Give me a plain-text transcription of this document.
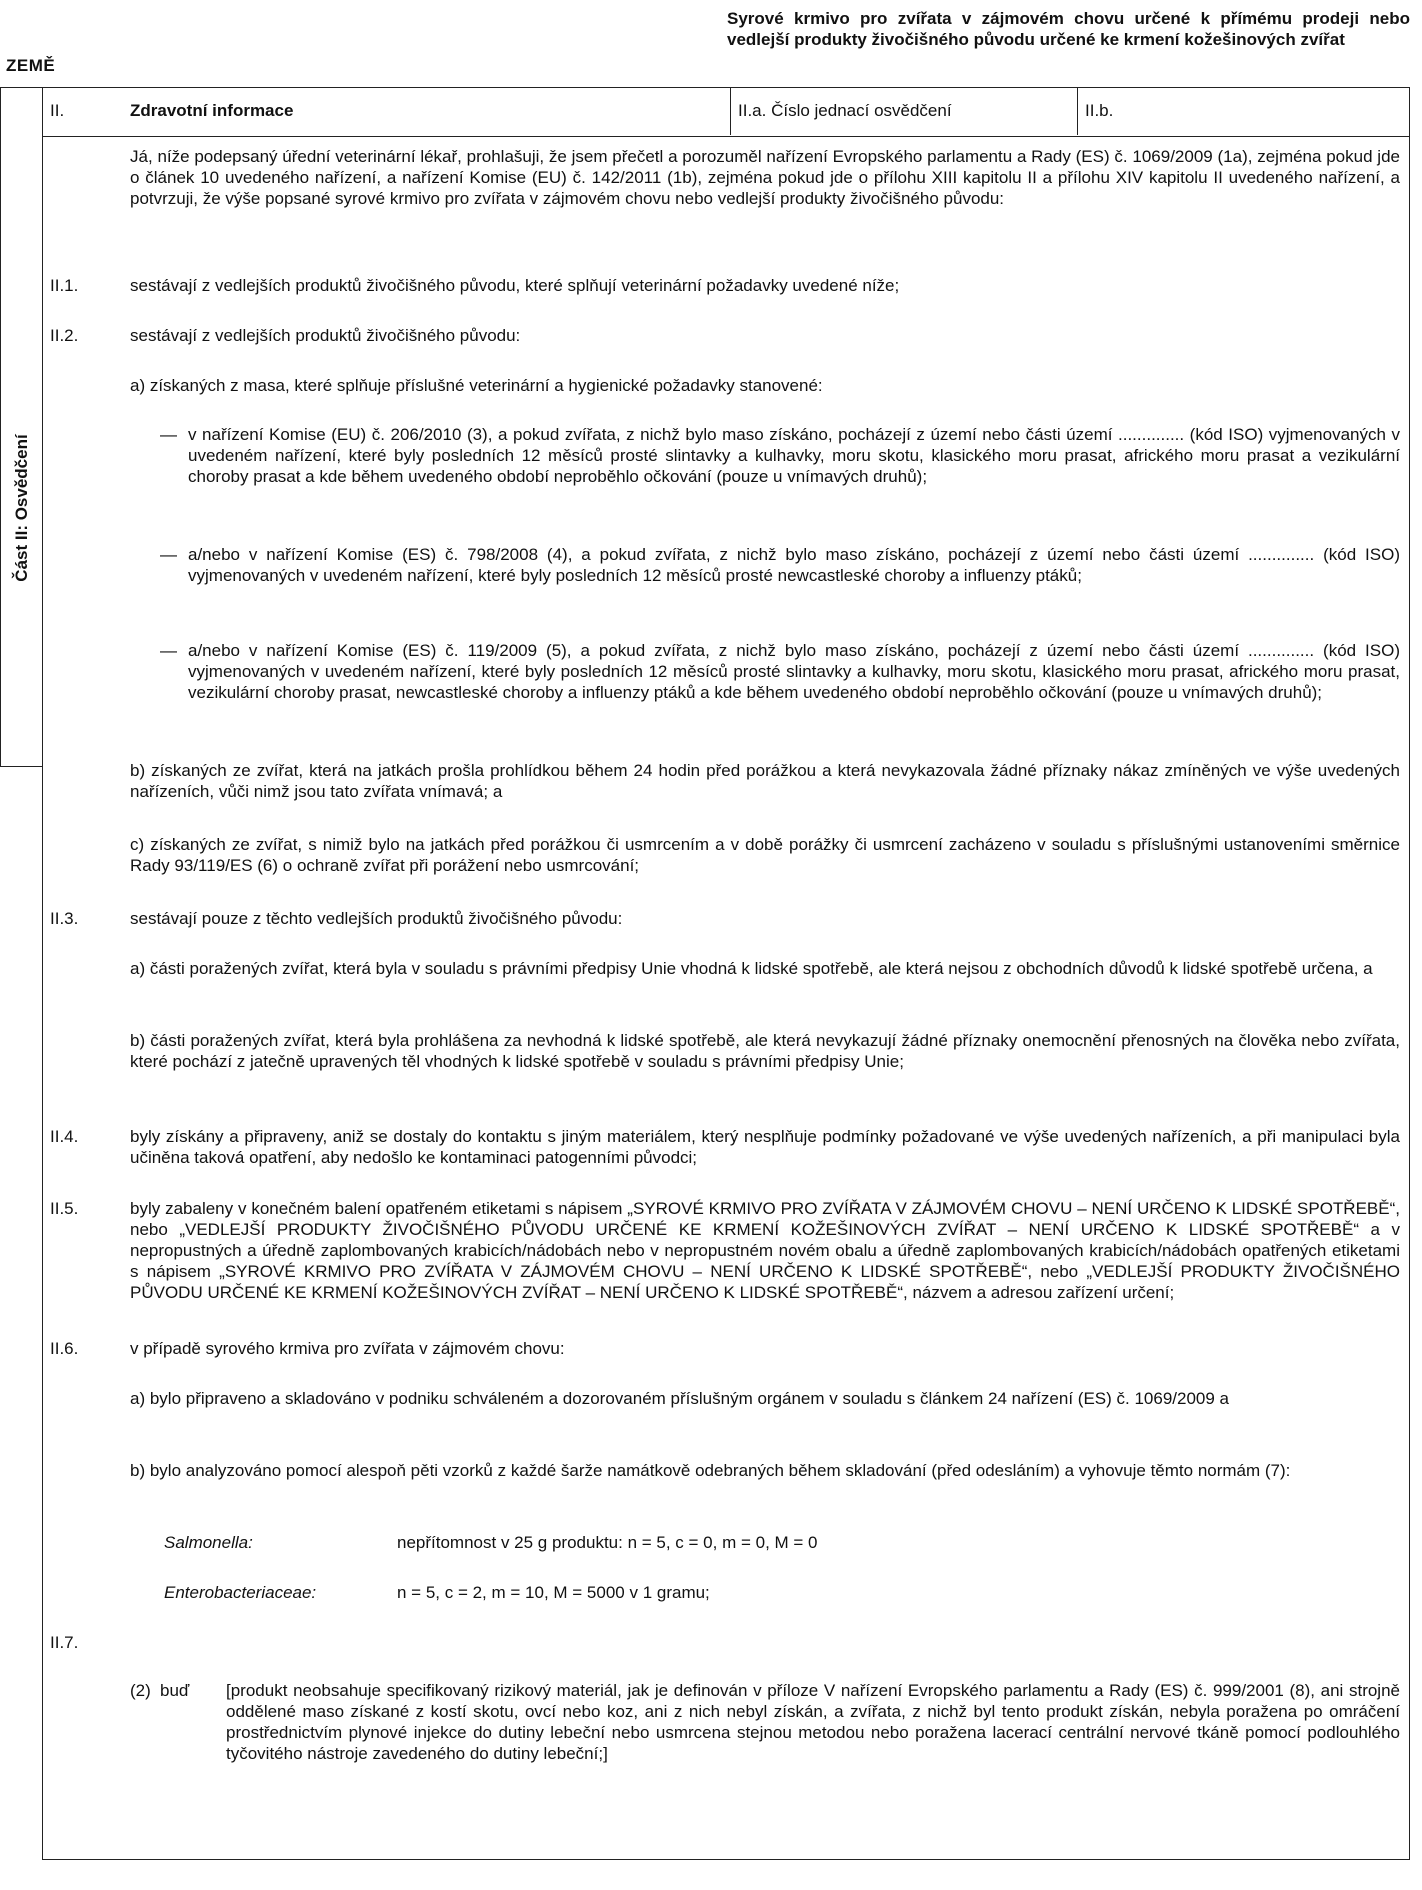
ZEMĚ
Syrové krmivo pro zvířata v zájmovém chovu určené k přímému prodeji nebo vedlejší produkty živočišného původu určené ke krmení kožešinových zvířat
Část II: Osvědčení
II.	Zdravotní informace	II.a. Číslo jednací osvědčení	II.b.
Já, níže podepsaný úřední veterinární lékař, prohlašuji, že jsem přečetl a porozuměl nařízení Evropského parlamentu a Rady (ES) č. 1069/2009 (1a), zejména pokud jde o článek 10 uvedeného nařízení, a nařízení Komise (EU) č. 142/2011 (1b), zejména pokud jde o přílohu XIII kapitolu II a přílohu XIV kapitolu II uvedeného nařízení, a potvrzuji, že výše popsané syrové krmivo pro zvířata v zájmovém chovu nebo vedlejší produkty živočišného původu:
II.1.	sestávají z vedlejších produktů živočišného původu, které splňují veterinární požadavky uvedené níže;
II.2.	sestávají z vedlejších produktů živočišného původu:
a) získaných z masa, které splňuje příslušné veterinární a hygienické požadavky stanovené:
— v nařízení Komise (EU) č. 206/2010 (3), a pokud zvířata, z nichž bylo maso získáno, pocházejí z území nebo části území .............. (kód ISO) vyjmenovaných v uvedeném nařízení, které byly posledních 12 měsíců prosté slintavky a kulhavky, moru skotu, klasického moru prasat, afrického moru prasat a vezikulární choroby prasat a kde během uvedeného období neproběhlo očkování (pouze u vnímavých druhů);
— a/nebo v nařízení Komise (ES) č. 798/2008 (4), a pokud zvířata, z nichž bylo maso získáno, pocházejí z území nebo části území .............. (kód ISO) vyjmenovaných v uvedeném nařízení, které byly posledních 12 měsíců prosté newcastleské choroby a influenzy ptáků;
— a/nebo v nařízení Komise (ES) č. 119/2009 (5), a pokud zvířata, z nichž bylo maso získáno, pocházejí z území nebo části území .............. (kód ISO) vyjmenovaných v uvedeném nařízení, které byly posledních 12 měsíců prosté slintavky a kulhavky, moru skotu, klasického moru prasat, afrického moru prasat, vezikulární choroby prasat, newcastleské choroby a influenzy ptáků a kde během uvedeného období neproběhlo očkování (pouze u vnímavých druhů);
b) získaných ze zvířat, která na jatkách prošla prohlídkou během 24 hodin před porážkou a která nevykazovala žádné příznaky nákaz zmíněných ve výše uvedených nařízeních, vůči nimž jsou tato zvířata vnímavá; a
c) získaných ze zvířat, s nimiž bylo na jatkách před porážkou či usmrcením a v době porážky či usmrcení zacházeno v souladu s příslušnými ustanoveními směrnice Rady 93/119/ES (6) o ochraně zvířat při porážení nebo usmrcování;
II.3.	sestávají pouze z těchto vedlejších produktů živočišného původu:
a) části poražených zvířat, která byla v souladu s právními předpisy Unie vhodná k lidské spotřebě, ale která nejsou z obchodních důvodů k lidské spotřebě určena, a
b) části poražených zvířat, která byla prohlášena za nevhodná k lidské spotřebě, ale která nevykazují žádné příznaky onemocnění přenosných na člověka nebo zvířata, které pochází z jatečně upravených těl vhodných k lidské spotřebě v souladu s právními předpisy Unie;
II.4.	byly získány a připraveny, aniž se dostaly do kontaktu s jiným materiálem, který nesplňuje podmínky požadované ve výše uvedených nařízeních, a při manipulaci byla učiněna taková opatření, aby nedošlo ke kontaminaci patogenními původci;
II.5.	byly zabaleny v konečném balení opatřeném etiketami s nápisem „SYROVÉ KRMIVO PRO ZVÍŘATA V ZÁJMOVÉM CHOVU – NENÍ URČENO K LIDSKÉ SPOTŘEBĚ“, nebo „VEDLEJŠÍ PRODUKTY ŽIVOČIŠNÉHO PŮVODU URČENÉ KE KRMENÍ KOŽEŠINOVÝCH ZVÍŘAT – NENÍ URČENO K LIDSKÉ SPOTŘEBĚ“ a v nepropustných a úředně zaplombovaných krabicích/nádobách nebo v nepropustném novém obalu a úředně zaplombovaných krabicích/nádobách opatřených etiketami s nápisem „SYROVÉ KRMIVO PRO ZVÍŘATA V ZÁJMOVÉM CHOVU – NENÍ URČENO K LIDSKÉ SPOTŘEBĚ“, nebo „VEDLEJŠÍ PRODUKTY ŽIVOČIŠNÉHO PŮVODU URČENÉ KE KRMENÍ KOŽEŠINOVÝCH ZVÍŘAT – NENÍ URČENO K LIDSKÉ SPOTŘEBĚ“, názvem a adresou zařízení určení;
II.6.	v případě syrového krmiva pro zvířata v zájmovém chovu:
a) bylo připraveno a skladováno v podniku schváleném a dozorovaném příslušným orgánem v souladu s článkem 24 nařízení (ES) č. 1069/2009 a
b) bylo analyzováno pomocí alespoň pěti vzorků z každé šarže namátkově odebraných během skladování (před odesláním) a vyhovuje těmto normám (7):
Salmonella:	nepřítomnost v 25 g produktu: n = 5, c = 0, m = 0, M = 0
Enterobacteriaceae:	n = 5, c = 2, m = 10, M = 5000 v 1 gramu;
II.7.
(2) buď [produkt neobsahuje specifikovaný rizikový materiál, jak je definován v příloze V nařízení Evropského parlamentu a Rady (ES) č. 999/2001 (8), ani strojně oddělené maso získané z kostí skotu, ovcí nebo koz, ani z nich nebyl získán, a zvířata, z nichž byl tento produkt získán, nebyla poražena po omráčení prostřednictvím plynové injekce do dutiny lebeční nebo usmrcena stejnou metodou nebo poražena lacerací centrální nervové tkáně pomocí podlouhlého tyčovitého nástroje zavedeného do dutiny lebeční;]
